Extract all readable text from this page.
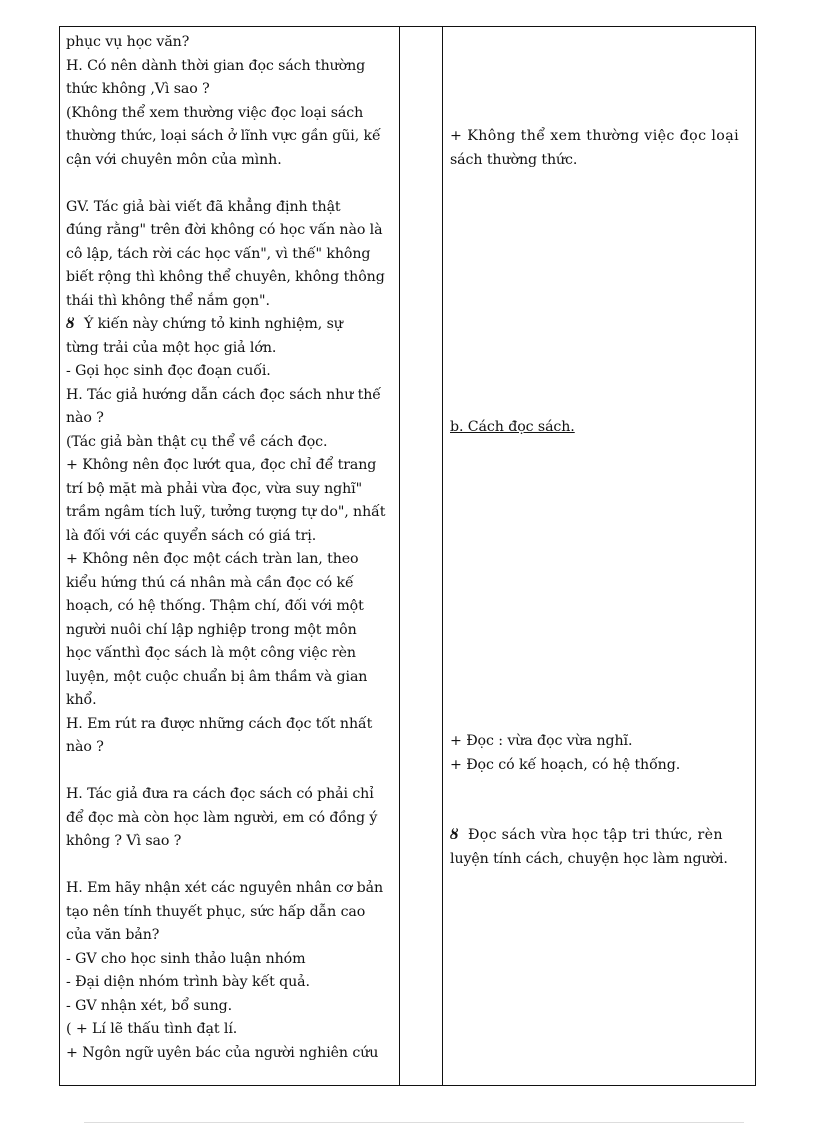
phục vụ học văn?
H. Có nên dành thời gian đọc sách thường
thức không ,Vì sao ?
(Không thể xem thường việc đọc loại sách
thường thức, loại sách ở lĩnh vực gần gũi, kế
cận với chuyên môn của mình.
GV. Tác giả bài viết đã khẳng định thật
đúng rằng" trên đời không có học vấn nào là
cô lập, tách rời các học vấn", vì thế" không
biết rộng thì không thể chuyên, không thông
thái thì không thể nắm gọn".
ȣ Ý kiến này chứng tỏ kinh nghiệm, sự
từng trải của một học giả lớn.
- Gọi học sinh đọc đoạn cuối.
H. Tác giả hướng dẫn cách đọc sách như thế
nào ?
(Tác giả bàn thật cụ thể về cách đọc.
+ Không nên đọc lướt qua, đọc chỉ để trang
trí bộ mặt mà phải vừa đọc, vừa suy nghĩ"
trầm ngâm tích luỹ, tưởng tượng tự do", nhất
là đối với các quyển sách có giá trị.
+ Không nên đọc một cách tràn lan, theo
kiểu hứng thú cá nhân mà cần đọc có kế
hoạch, có hệ thống. Thậm chí, đối với một
người nuôi chí lập nghiệp trong một môn
học vấnthì đọc sách là một công việc rèn
luyện, một cuộc chuẩn bị âm thầm và gian
khổ.
H. Em rút ra được những cách đọc tốt nhất
nào ?
H. Tác giả đưa ra cách đọc sách có phải chỉ
để đọc mà còn học làm người, em có đồng ý
không ? Vì sao ?
H. Em hãy nhận xét các nguyên nhân cơ bản
tạo nên tính thuyết phục, sức hấp dẫn cao
của văn bản?
- GV cho học sinh thảo luận nhóm
- Đại diện nhóm trình bày kết quả.
- GV nhận xét, bổ sung.
( + Lí lẽ thấu tình đạt lí.
+ Ngôn ngữ uyên bác của người nghiên cứu
+ Không thể xem thường việc đọc loại
sách thường thức.
b. Cách đọc sách.
+ Đọc : vừa đọc vừa nghĩ.
+ Đọc có kế hoạch, có hệ thống.
ȣ Đọc sách vừa học tập tri thức, rèn
luyện tính cách, chuyện học làm người.
